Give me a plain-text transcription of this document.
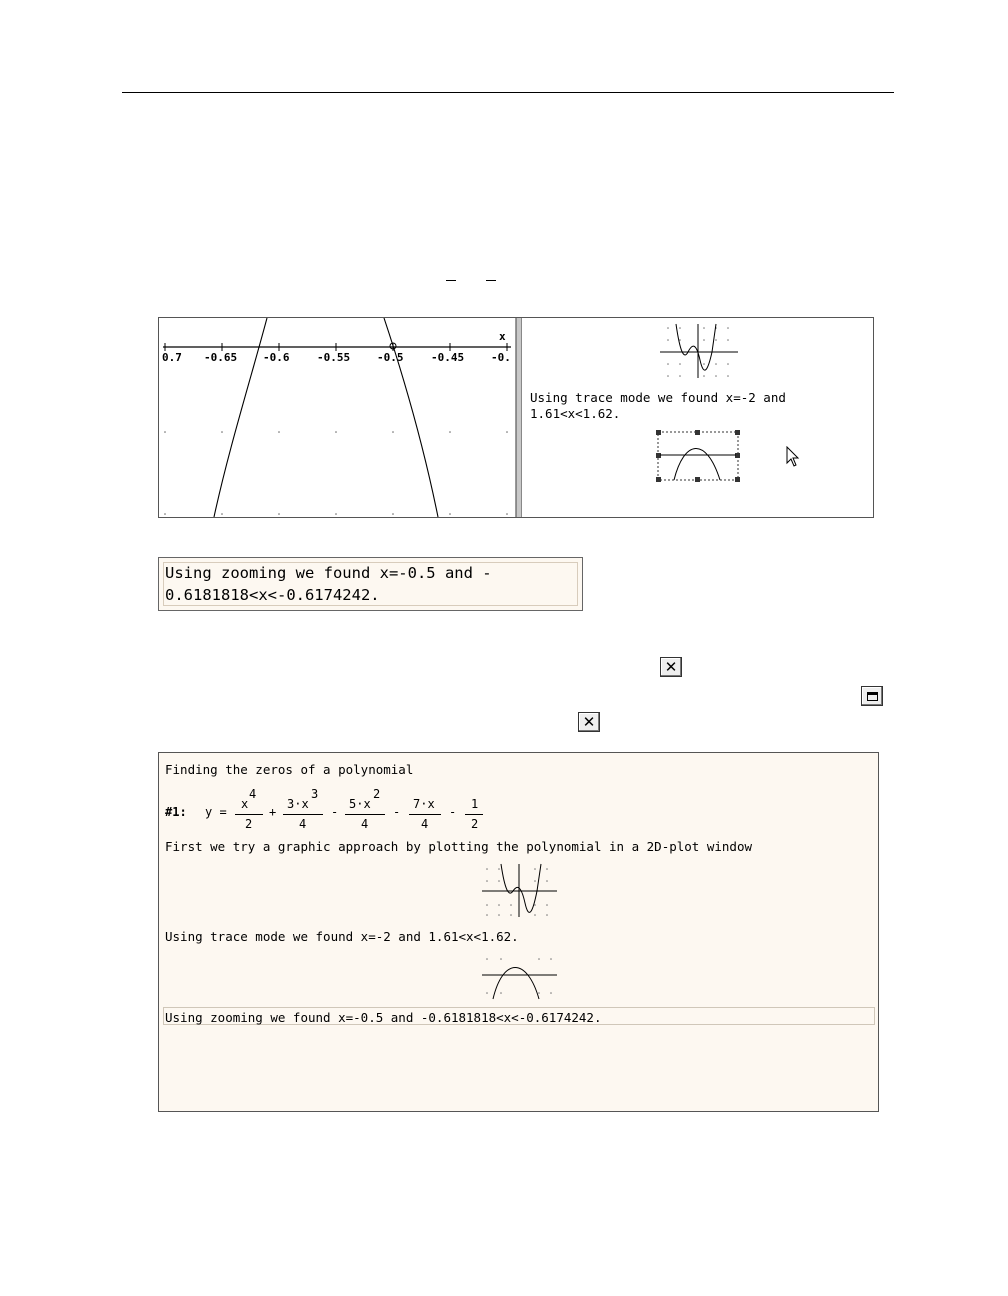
x
0.7 -0.65 -0.6	-0.55 -0.5	-0.45 -0.
Using trace mode we found x=-2 and
1.61<x<1.62.
Using zooming we found x=-0.5 and -
0.6181818<x<-0.6174242.
✕
✕
Finding the zeros of a polynomial
#1: y =
4
x
2
+
3
3·x
4
-
2
5·x
4
-
7·x
4
-
1
2
First we try a graphic approach by plotting the polynomial in a 2D-plot window
Using trace mode we found x=-2 and 1.61<x<1.62.
Using zooming we found x=-0.5 and -0.6181818<x<-0.6174242.
